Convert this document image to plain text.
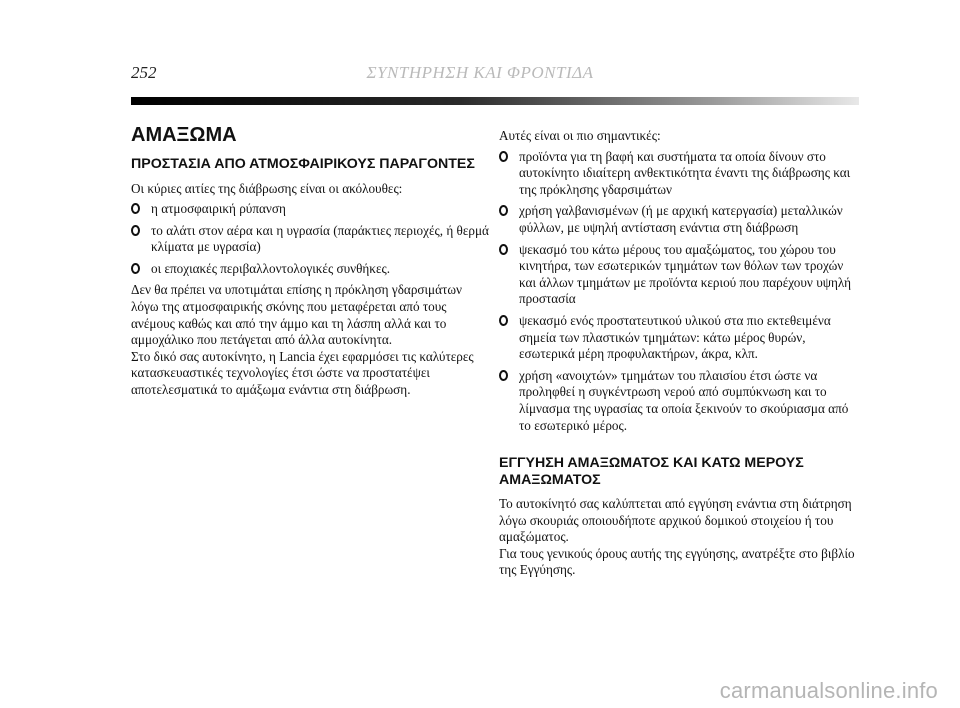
252	ΣΥΝΤΗΡΗΣΗ ΚΑΙ ΦΡΟΝΤΙΔΑ
ΑΜΑΞΩΜΑ
ΠΡΟΣΤΑΣΙΑ ΑΠΟ ΑΤΜΟΣΦΑΙΡΙΚΟΥΣ ΠΑΡΑΓΟΝΤΕΣ

Οι κύριες αιτίες της διάβρωσης είναι οι ακόλουθες:

η ατμοσφαιρική ρύπανση
το αλάτι στον αέρα και η υγρασία (παράκτιες περιοχές, ή θερμά κλίματα με υγρασία)
οι εποχιακές περιβαλλοντολογικές συνθήκες.

Δεν θα πρέπει να υποτιμάται επίσης η πρόκληση γδαρσιμάτων λόγω της ατμοσφαιρικής σκόνης που μεταφέρεται από τους ανέμους καθώς και από την άμμο και τη λάσπη αλλά και το αμμοχάλικο που πετάγεται από άλλα αυτοκίνητα.

Στο δικό σας αυτοκίνητο, η Lancia έχει εφαρμόσει τις καλύτερες κατασκευαστικές τεχνολογίες έτσι ώστε να προστατέψει αποτελεσματικά το αμάξωμα ενάντια στη διάβρωση.

Αυτές είναι οι πιο σημαντικές:

προϊόντα για τη βαφή και συστήματα τα οποία δίνουν στο αυτοκίνητο ιδιαίτερη ανθεκτικότητα έναντι της διάβρωσης και της πρόκλησης γδαρσιμάτων
χρήση γαλβανισμένων (ή με αρχική κατεργασία) μεταλλικών φύλλων, με υψηλή αντίσταση ενάντια στη διάβρωση
ψεκασμό του κάτω μέρους του αμαξώματος, του χώρου του κινητήρα, των εσωτερικών τμημάτων των θόλων των τροχών και άλλων τμημάτων με προϊόντα κεριού που παρέχουν υψηλή προστασία
ψεκασμό ενός προστατευτικού υλικού στα πιο εκτεθειμένα σημεία των πλαστικών τμημάτων: κάτω μέρος θυρών, εσωτερικά μέρη προφυλακτήρων, άκρα, κλπ.
χρήση «ανοιχτών» τμημάτων του πλαισίου έτσι ώστε να προληφθεί η συγκέντρωση νερού από συμπύκνωση και το λίμνασμα της υγρασίας τα οποία ξεκινούν το σκούριασμα από το εσωτερικό μέρος.
ΕΓΓΥΗΣΗ ΑΜΑΞΩΜΑΤΟΣ ΚΑΙ ΚΑΤΩ ΜΕΡΟΥΣ ΑΜΑΞΩΜΑΤΟΣ

Το αυτοκίνητό σας καλύπτεται από εγγύηση ενάντια στη διάτρηση λόγω σκουριάς οποιουδήποτε αρχικού δομικού στοιχείου ή του αμαξώματος.

Για τους γενικούς όρους αυτής της εγγύησης, ανατρέξτε στο βιβλίο της Εγγύησης.

carmanualsonline.info
